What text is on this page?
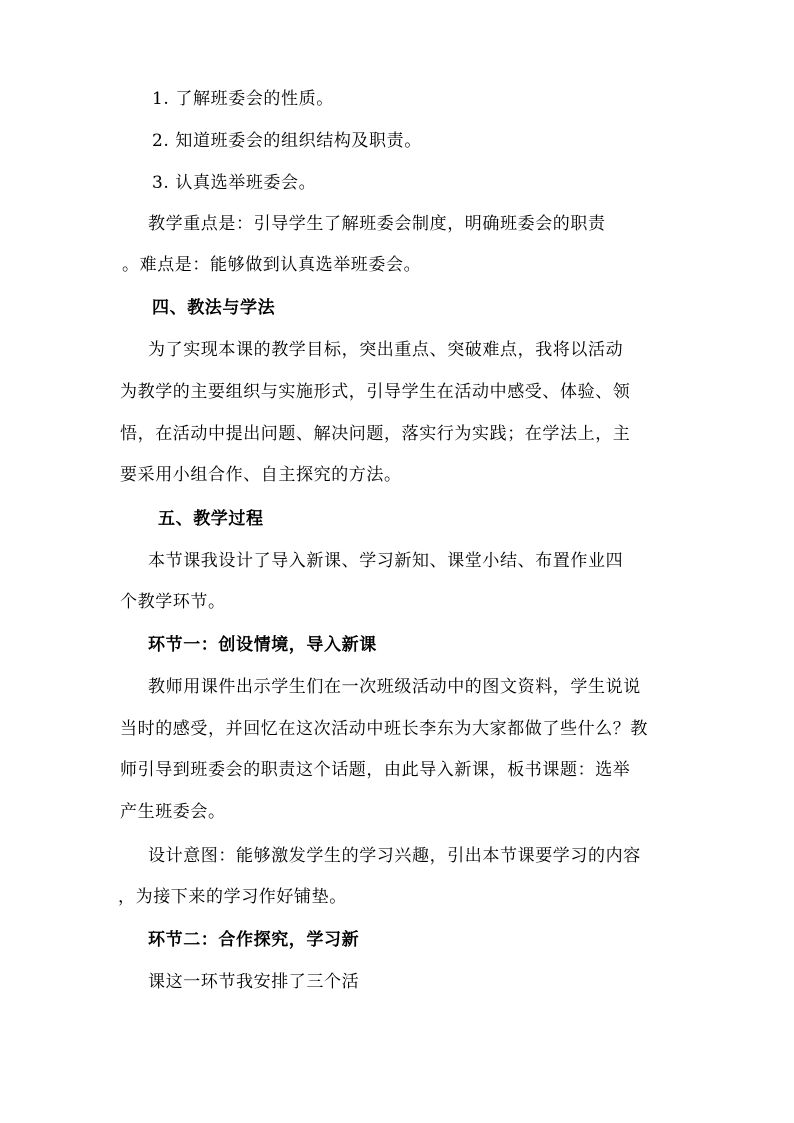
1. 了解班委会的性质。
2. 知道班委会的组织结构及职责。
3. 认真选举班委会。
教学重点是：引导学生了解班委会制度，明确班委会的职责
。难点是：能够做到认真选举班委会。
四、教法与学法
为了实现本课的教学目标，突出重点、突破难点，我将以活动
为教学的主要组织与实施形式，引导学生在活动中感受、体验、领
悟，在活动中提出问题、解决问题，落实行为实践；在学法上，主
要采用小组合作、自主探究的方法。
五、教学过程
本节课我设计了导入新课、学习新知、课堂小结、布置作业四
个教学环节。
环节一：创设情境，导入新课
教师用课件出示学生们在一次班级活动中的图文资料，学生说说
当时的感受，并回忆在这次活动中班长李东为大家都做了些什么？教
师引导到班委会的职责这个话题，由此导入新课，板书课题：选举
产生班委会。
设计意图：能够激发学生的学习兴趣，引出本节课要学习的内容
，为接下来的学习作好铺垫。
环节二：合作探究，学习新
课这一环节我安排了三个活
